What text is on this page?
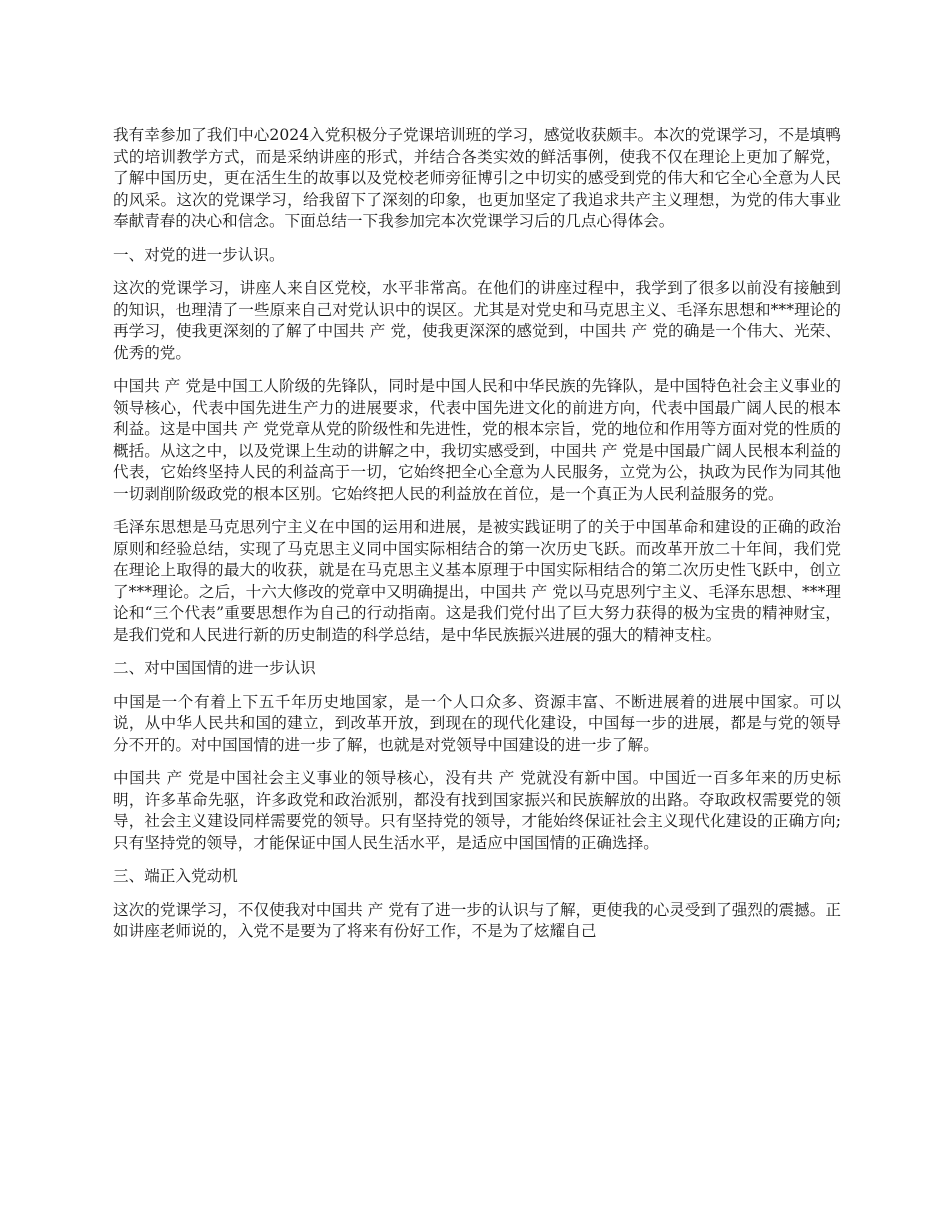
我有幸参加了我们中心2024入党积极分子党课培训班的学习，感觉收获颇丰。本次的党课学习，不是填鸭式的培训教学方式，而是采纳讲座的形式，并结合各类实效的鲜活事例，使我不仅在理论上更加了解党，了解中国历史，更在活生生的故事以及党校老师旁征博引之中切实的感受到党的伟大和它全心全意为人民的风采。这次的党课学习，给我留下了深刻的印象，也更加坚定了我追求共产主义理想，为党的伟大事业奉献青春的决心和信念。下面总结一下我参加完本次党课学习后的几点心得体会。

一、对党的进一步认识。

这次的党课学习，讲座人来自区党校，水平非常高。在他们的讲座过程中，我学到了很多以前没有接触到的知识，也理清了一些原来自己对党认识中的误区。尤其是对党史和马克思主义、毛泽东思想和***理论的再学习，使我更深刻的了解了中国共 产 党，使我更深深的感觉到，中国共 产 党的确是一个伟大、光荣、优秀的党。

中国共 产 党是中国工人阶级的先锋队，同时是中国人民和中华民族的先锋队，是中国特色社会主义事业的领导核心，代表中国先进生产力的进展要求，代表中国先进文化的前进方向，代表中国最广阔人民的根本利益。这是中国共 产 党党章从党的阶级性和先进性，党的根本宗旨，党的地位和作用等方面对党的性质的概括。从这之中，以及党课上生动的讲解之中，我切实感受到，中国共 产 党是中国最广阔人民根本利益的代表，它始终坚持人民的利益高于一切，它始终把全心全意为人民服务，立党为公，执政为民作为同其他一切剥削阶级政党的根本区别。它始终把人民的利益放在首位，是一个真正为人民利益服务的党。

毛泽东思想是马克思列宁主义在中国的运用和进展，是被实践证明了的关于中国革命和建设的正确的政治原则和经验总结，实现了马克思主义同中国实际相结合的第一次历史飞跃。而改革开放二十年间，我们党在理论上取得的最大的收获，就是在马克思主义基本原理于中国实际相结合的第二次历史性飞跃中，创立了***理论。之后，十六大修改的党章中又明确提出，中国共 产 党以马克思列宁主义、毛泽东思想、***理论和“三个代表”重要思想作为自己的行动指南。这是我们党付出了巨大努力获得的极为宝贵的精神财宝，是我们党和人民进行新的历史制造的科学总结，是中华民族振兴进展的强大的精神支柱。

二、对中国国情的进一步认识

中国是一个有着上下五千年历史地国家，是一个人口众多、资源丰富、不断进展着的进展中国家。可以说，从中华人民共和国的建立，到改革开放，到现在的现代化建设，中国每一步的进展，都是与党的领导分不开的。对中国国情的进一步了解，也就是对党领导中国建设的进一步了解。

中国共 产 党是中国社会主义事业的领导核心，没有共 产 党就没有新中国。中国近一百多年来的历史标明，许多革命先驱，许多政党和政治派别，都没有找到国家振兴和民族解放的出路。夺取政权需要党的领导，社会主义建设同样需要党的领导。只有坚持党的领导，才能始终保证社会主义现代化建设的正确方向;只有坚持党的领导，才能保证中国人民生活水平，是适应中国国情的正确选择。

三、端正入党动机

这次的党课学习，不仅使我对中国共 产 党有了进一步的认识与了解，更使我的心灵受到了强烈的震撼。正如讲座老师说的，入党不是要为了将来有份好工作，不是为了炫耀自己
